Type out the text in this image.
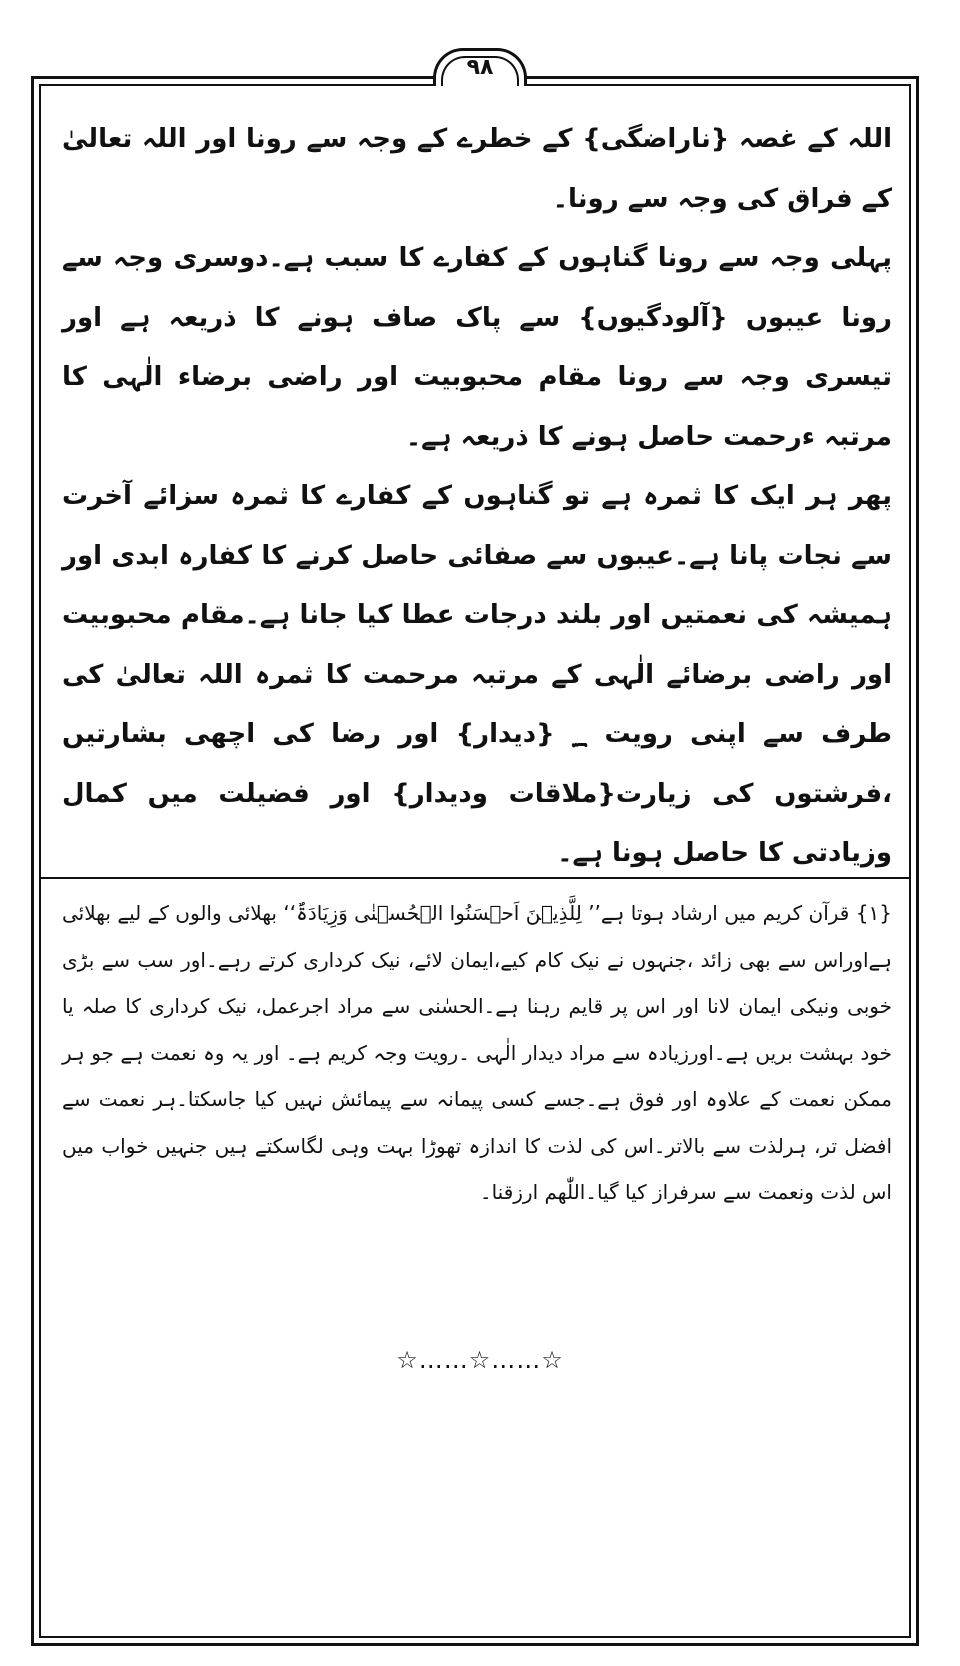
۹۸

اللہ کے غصہ {ناراضگی} کے خطرے کے وجہ سے رونا اور اللہ تعالیٰ کے فراق کی وجہ سے رونا۔

پہلی وجہ سے رونا گناہوں کے کفارے کا سبب ہے۔دوسری وجہ سے رونا عیبوں {آلودگیوں} سے پاک صاف ہونے کا ذریعہ ہے اور تیسری وجہ سے رونا مقام محبوبیت اور راضی برضاء الٰہی کا مرتبہ ءرحمت حاصل ہونے کا ذریعہ ہے۔

پھر ہر ایک کا ثمرہ ہے تو گناہوں کے کفارے کا ثمرہ سزائے آخرت سے نجات پانا ہے۔عیبوں سے صفائی حاصل کرنے کا کفارہ ابدی اور ہمیشہ کی نعمتیں اور بلند درجات عطا کیا جانا ہے۔مقام محبوبیت اور راضی برضائے الٰہی کے مرتبہ مرحمت کا ثمرہ اللہ تعالیٰ کی طرف سے اپنی رویت ؁ {دیدار} اور رضا کی اچھی بشارتیں ،فرشتوں کی زیارت{ملاقات ودیدار} اور فضیلت میں کمال وزیادتی کا حاصل ہونا ہے۔

{۱} قرآن کریم میں ارشاد ہوتا ہے’’ لِلَّذِیۡنَ اَحۡسَنُوا الۡحُسۡنٰی وَزِیَادَۃٌ‘‘ بھلائی والوں کے لیے بھلائی ہےاوراس سے بھی زائد ،جنہوں نے نیک کام کیے،ایمان لائے، نیک کرداری کرتے رہے۔اور سب سے بڑی خوبی ونیکی ایمان لانا اور اس پر قایم رہنا ہے۔الحسٰنی سے مراد اجرعمل، نیک کرداری کا صلہ یا خود بہشت بریں ہے۔اورزیادہ سے مراد دیدار الٰہی ۔رویت وجہ کریم ہے۔ اور یہ وہ نعمت ہے جو ہر ممکن نعمت کے علاوہ اور فوق ہے۔جسے کسی پیمانہ سے پیمائش نہیں کیا جاسکتا۔ہر نعمت سے افضل تر، ہرلذت سے بالاتر۔اس کی لذت کا اندازہ تھوڑا بہت وہی لگاسکتے ہیں جنہیں خواب میں اس لذت ونعمت سے سرفراز کیا گیا۔اللّٰھم ارزقنا۔

☆……☆……☆
